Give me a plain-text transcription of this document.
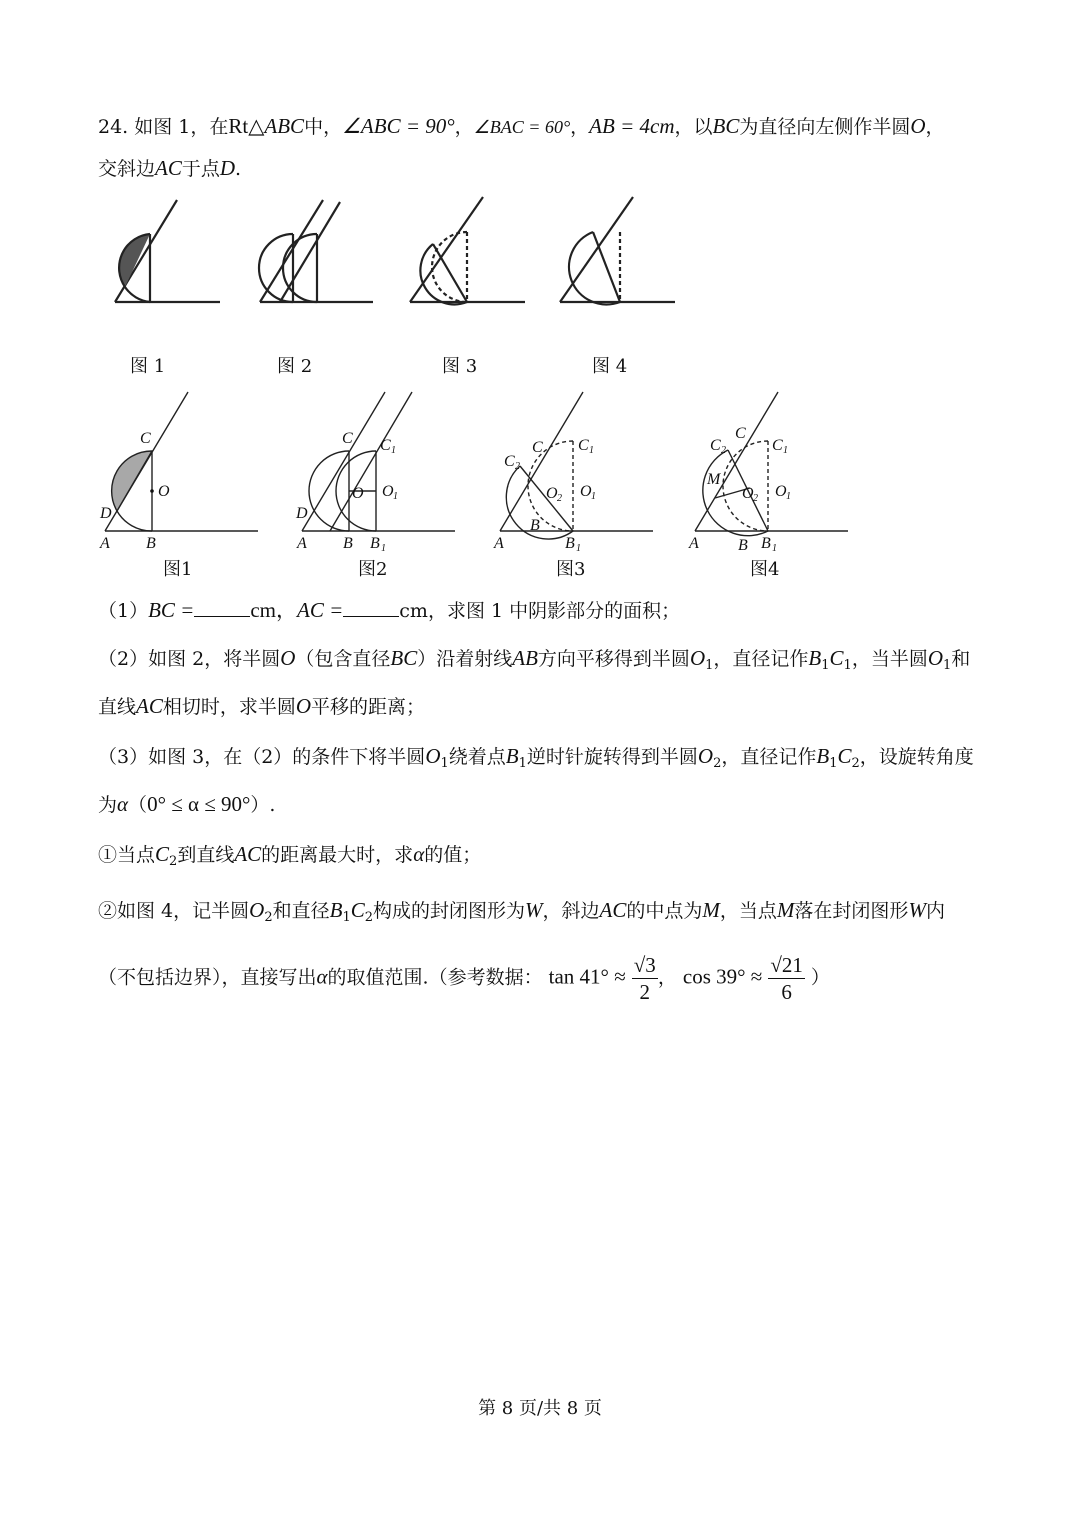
24. 如图 1，在Rt△ABC中，∠ABC = 90°，∠BAC = 60°，AB = 4cm，以BC为直径向左侧作半圆O，
交斜边AC于点D.
图 1	图 2	图 3	图 4
A B
C
D
O
A B B 1
C C 1
D
O O 1
A
B
B 1
C C 1
C 2
O 2 O 1
A B B 1
C
C 1
C 2
M
O 2 O 1
图1	图2	图3	图4
（1）BC =	cm，AC =	cm，求图 1 中阴影部分的面积；
（2）如图 2，将半圆O（包含直径BC）沿着射线AB方向平移得到半圆$O_1$，直径记作$B_1C_1$，当半圆$O_1$和
直线AC相切时，求半圆O平移的距离；
（3）如图 3，在（2）的条件下将半圆$O_1$绕着点$B_1$逆时针旋转得到半圆$O_2$，直径记作$B_1C_2$，设旋转角度
为α（0° ≤ α ≤ 90°）.
①当点$C_2$到直线AC的距离最大时，求α的值；
②如图 4，记半圆$O_2$和直径$B_1C_2$构成的封闭图形为W，斜边AC的中点为M，当点M落在封闭图形W内
（不包括边界），直接写出α的取值范围.（参考数据： $\tan 41^\circ \approx \frac{√3}{2}$ ， $\cos 39^\circ \approx \frac{√21}{6}$ ）
第 8 页/共 8 页
